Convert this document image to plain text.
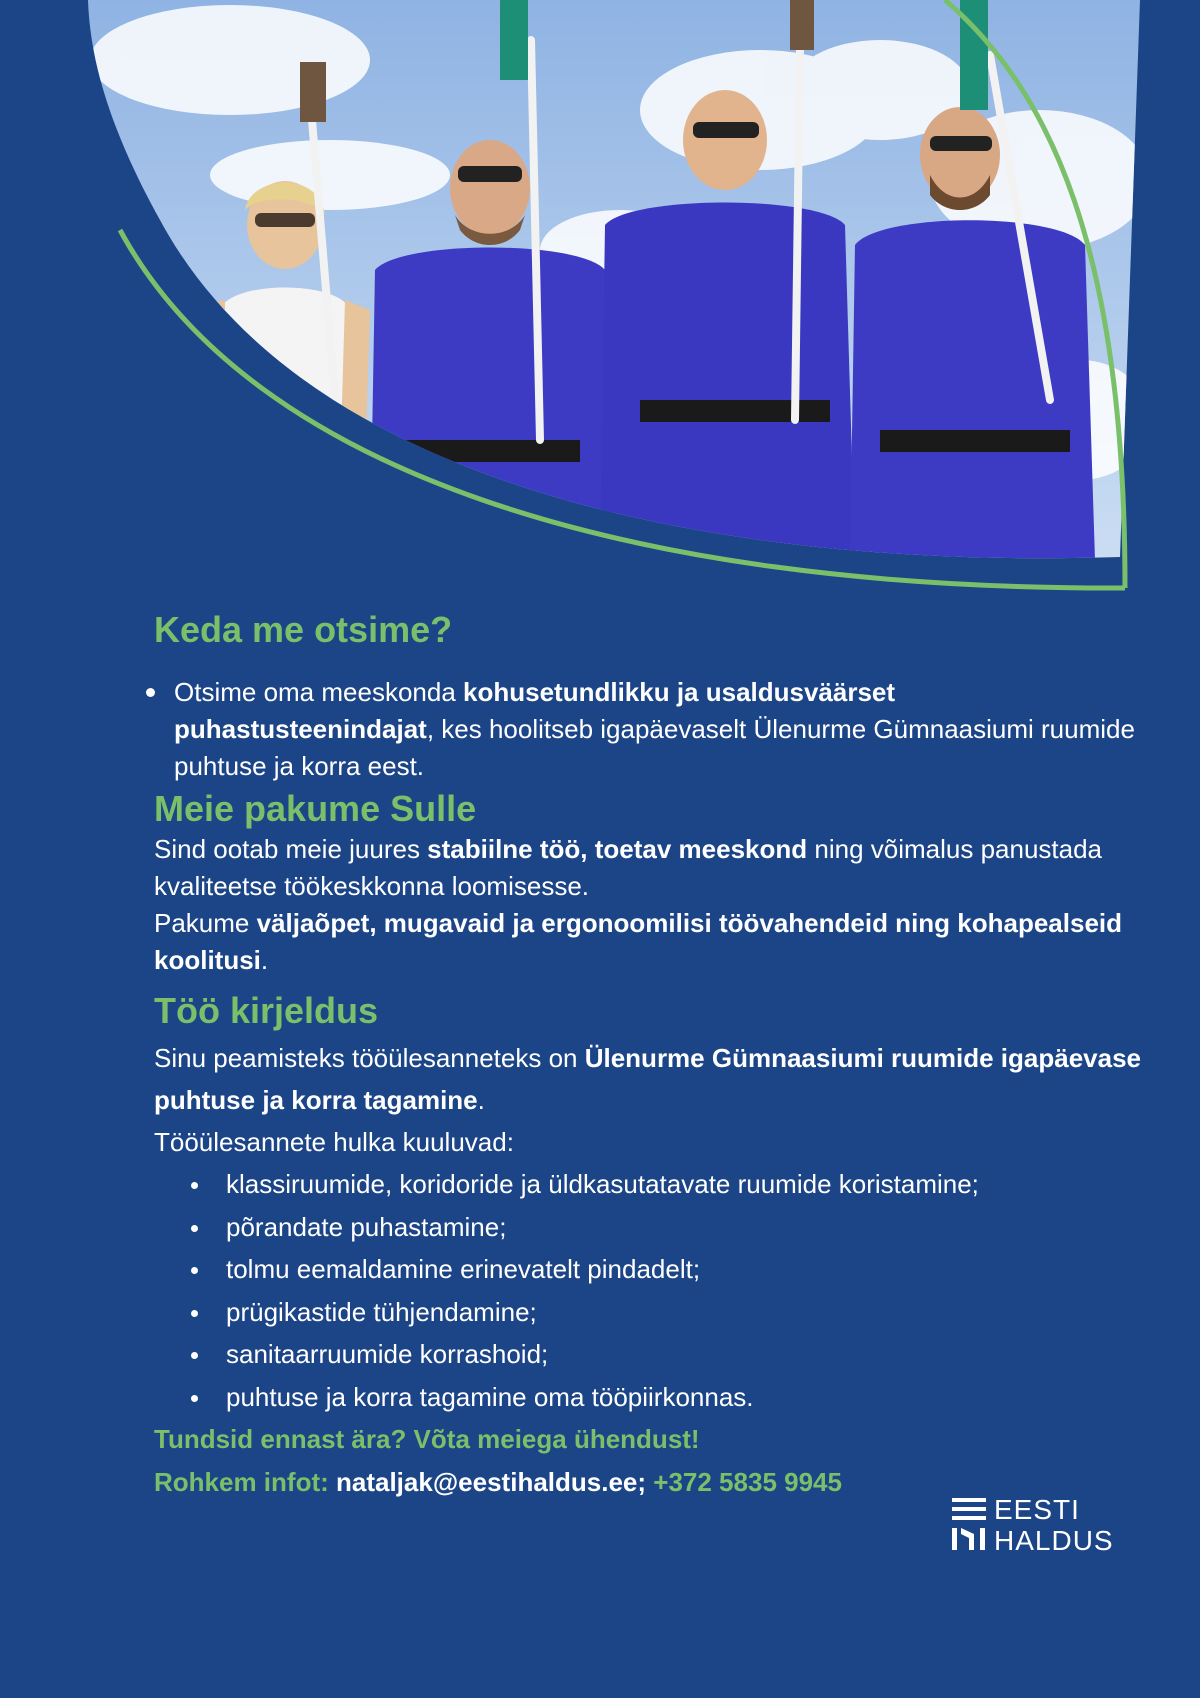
Keda me otsime?
Otsime oma meeskonda kohusetundlikku ja usaldusväärset puhastusteenindajat, kes hoolitseb igapäevaselt Ülenurme Gümnaasiumi ruumide puhtuse ja korra eest.
Meie pakume Sulle

Sind ootab meie juures stabiilne töö, toetav meeskond ning võimalus panustada kvaliteetse töökeskkonna loomisesse.

Pakume väljaõpet, mugavaid ja ergonoomilisi töövahendeid ning kohapealseid koolitusi.

Töö kirjeldus

Sinu peamisteks tööülesanneteks on Ülenurme Gümnaasiumi ruumide igapäevase puhtuse ja korra tagamine.

Tööülesannete hulka kuuluvad:

klassiruumide, koridoride ja üldkasutatavate ruumide koristamine;
põrandate puhastamine;
tolmu eemaldamine erinevatelt pindadelt;
prügikastide tühjendamine;
sanitaarruumide korrashoid;
puhtuse ja korra tagamine oma tööpiirkonnas.
Tundsid ennast ära? Võta meiega ühendust!
Rohkem infot: nataljak@eestihaldus.ee; +372 5835 9945
EESTI
HALDUS
